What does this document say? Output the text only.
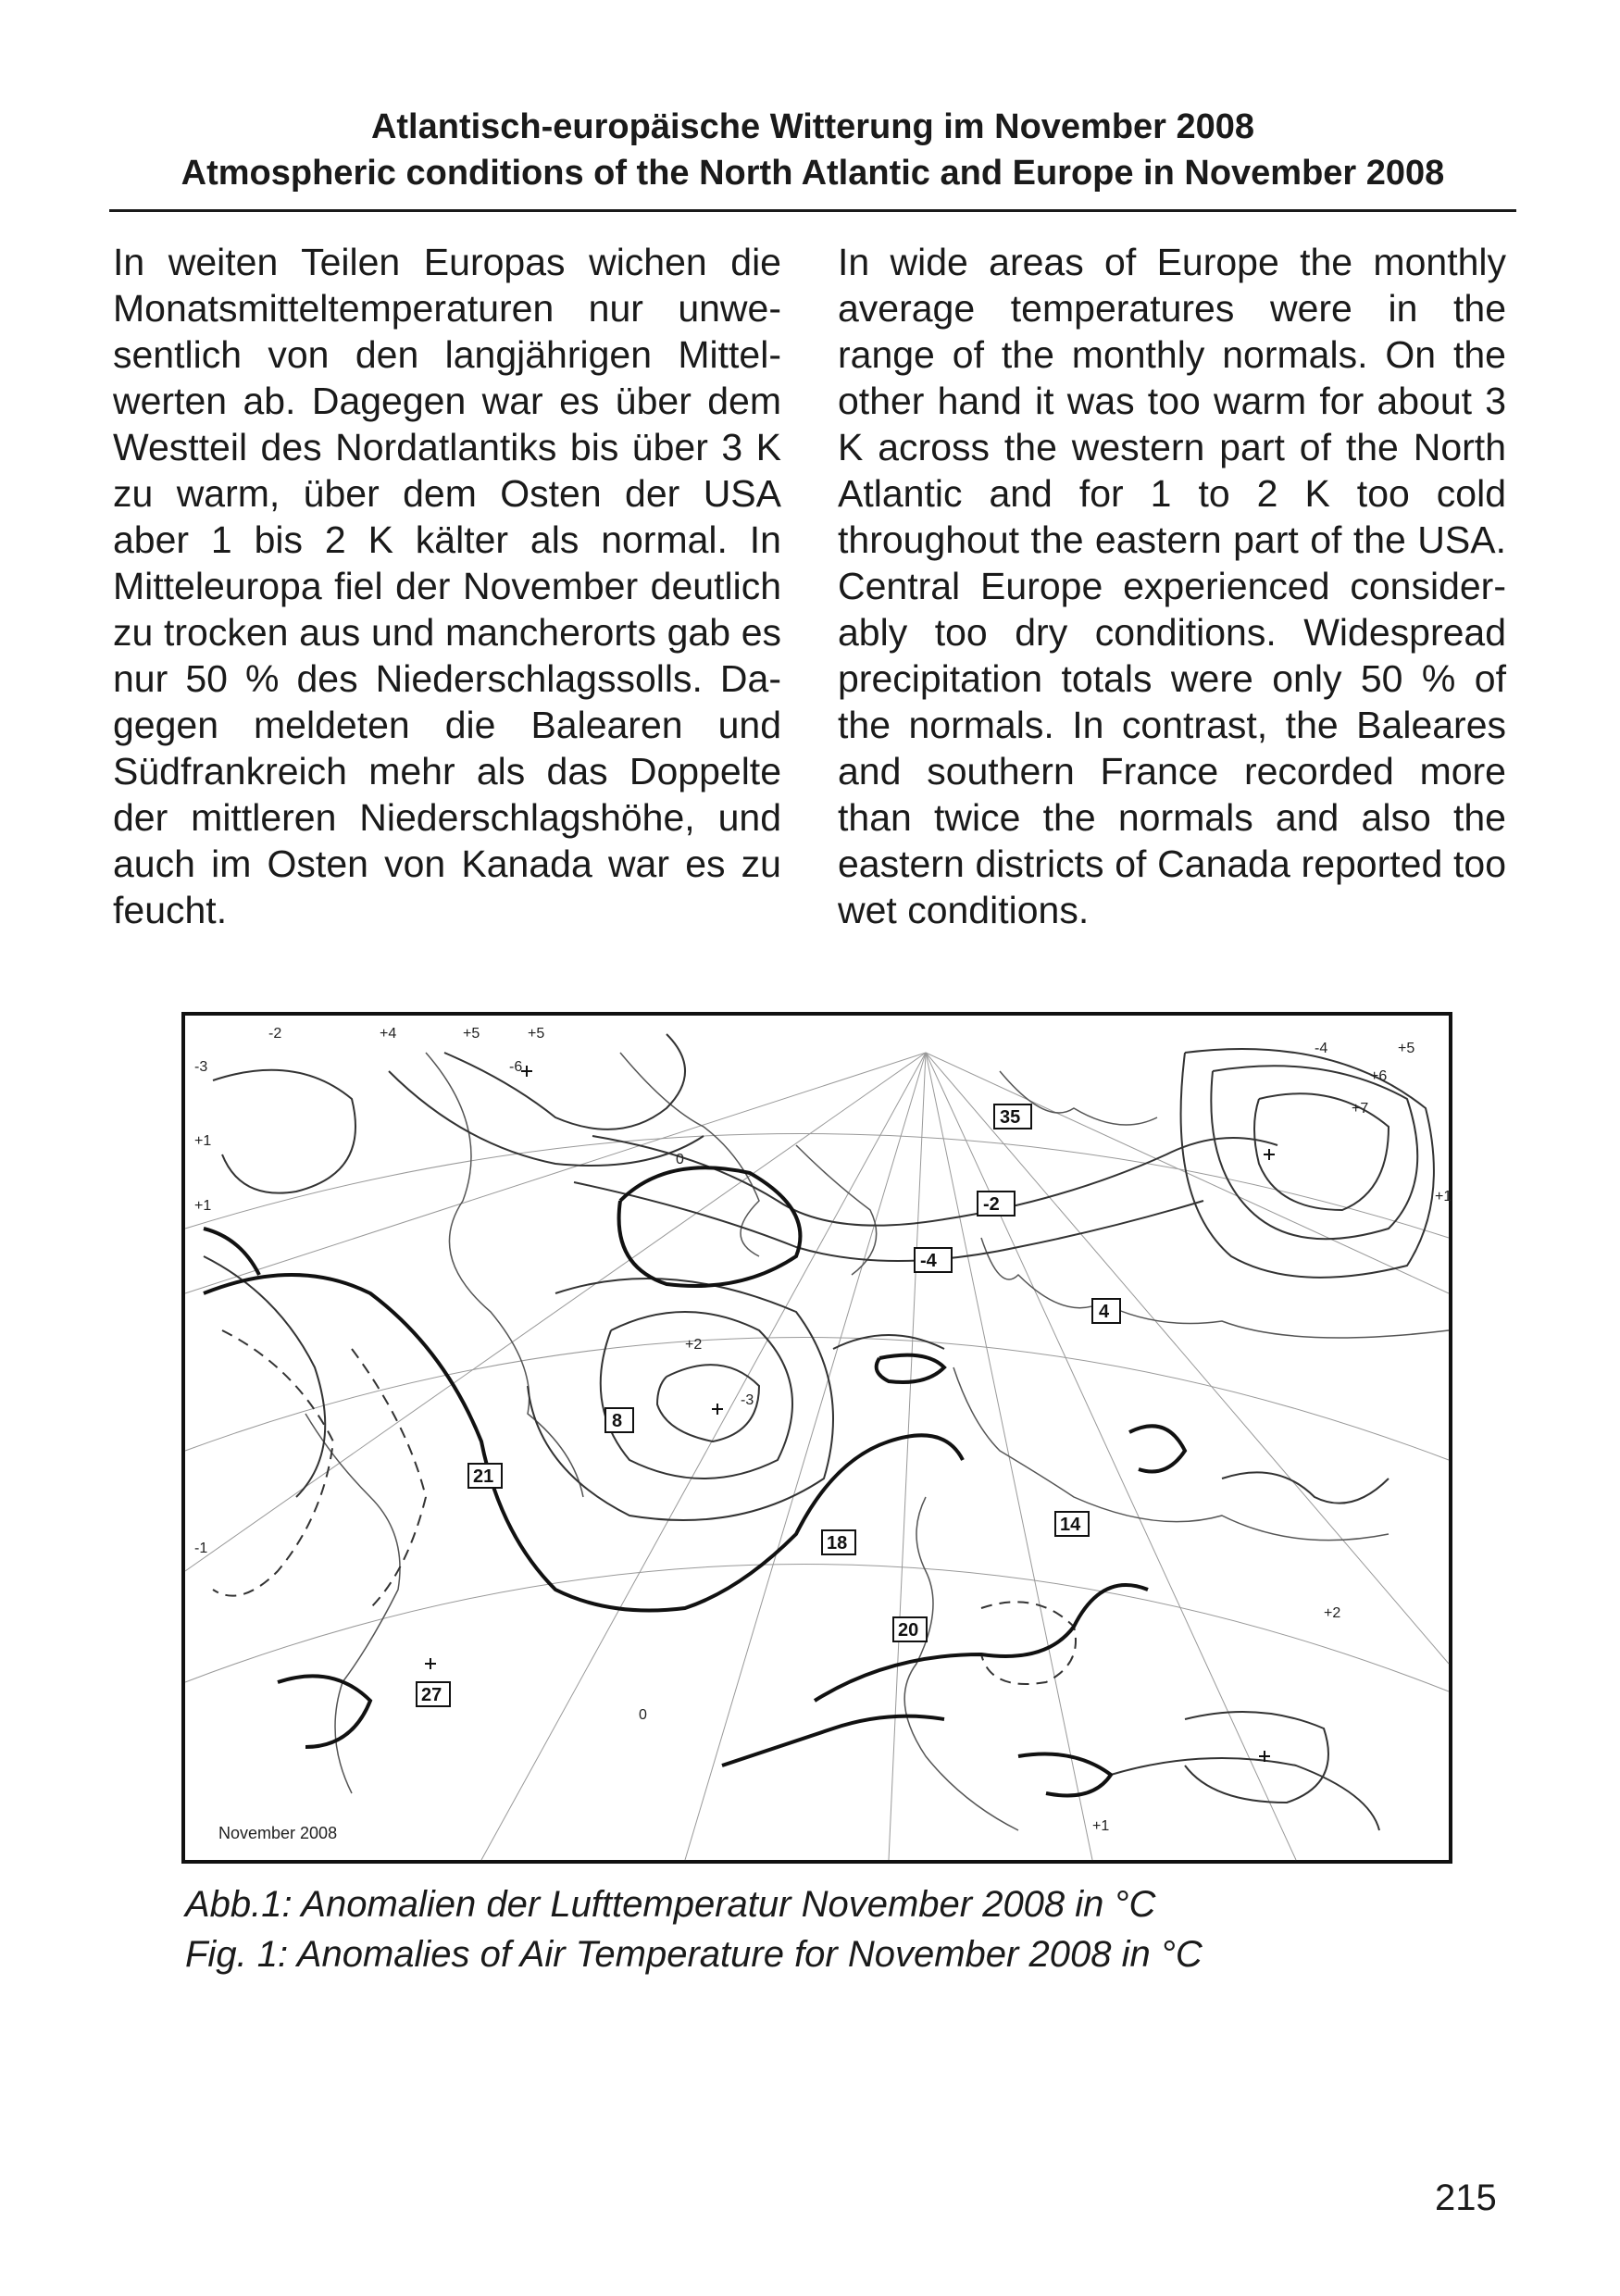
Atlantisch-europäische Witterung im November 2008
Atmospheric conditions of the North Atlantic and Europe in November 2008

In weiten Teilen Europas wichen die Monatsmitteltemperaturen nur unwesentlich von den langjährigen Mittelwerten ab. Dagegen war es über dem Westteil des Nordatlantiks bis über 3 K zu warm, über dem Osten der USA aber 1 bis 2 K kälter als normal. In Mitteleuropa fiel der November deutlich zu trocken aus und mancherorts gab es nur 50 % des Niederschlagssolls. Dagegen meldeten die Balearen und Südfrankreich mehr als das Doppelte der mittleren Niederschlagshöhe, und auch im Osten von Kanada war es zu feucht.

In wide areas of Europe the monthly average temperatures were in the range of the monthly normals. On the other hand it was too warm for about 3 K across the western part of the North Atlantic and for 1 to 2 K too cold throughout the eastern part of the USA. Central Europe experienced considerably too dry conditions. Widespread precipitation totals were only 50 % of the normals. In contrast, the Baleares and southern France recorded more than twice the normals and also the eastern districts of Canada reported too wet conditions.

-2	+4	+5	+5
-6
-3
+1
0
+1
+2
-3
+7
+6
+5
-4
+1
-1
+2
0
+1
35
-2
-4
4
8
21
18
14
20
27
November 2008
Abb.1: Anomalien der Lufttemperatur November 2008 in °C
Fig. 1: Anomalies of Air Temperature for November 2008 in °C
215
